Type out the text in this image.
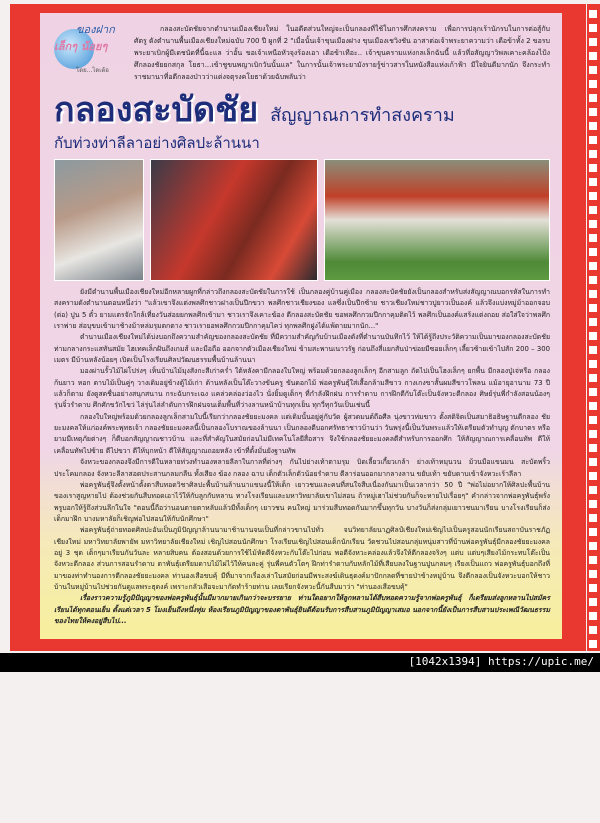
ของฝาก
เล็กๆ น้อยๆ
โดย...ไดเต้อ
กลองสะบัดชัยจากตำนานเมืองเชียงใหม่ ในอดีตส่วนใหญ่จะเป็นกลองที่ใช้ในการศึกสงคราม เพื่อการปลุกเร้านักรบในการต่อสู้กับศัตรู ดังตำนานพื้นเมืองเชียงใหม่ฉบับ 700 ปี ผูกที่ 2 "เมื่อนั้นเจ้าขุนเมืองฝาง ขุนเมืองเชวิงชัน อาสาต่อเจ้าพระยาความว่า เดือข้าทั้ง 2 ขอรบพระยาเบิกผู้มีเดชนัดที่นี้ฉะแล ว่าอั้น ขอเจ้าเหนือหัวจุงร้องเอา เดือข้าเทือะ.. เจ้าขุนครามแห่งกลเล็กฉันนี้ แล้วที่อสัญญาวิพลเคาะคล้องไป้งศึกลองชัยยกสกุล โยธา...เข้าชูขนพญาเบิกวันนั้นแล" ในการนั้นเจ้าพระยามังรายรู้ข่าวสารในหนังสือแห่งเก้าฟ้า มีใจยินดีมากนัก จึงกระทำราชมานาที่อตีกลองป่าวว่าแต่งจตุรงคโยธาด้วยฉับพลันว่า
กลองสะบัดชัย สัญญาณการทำสงคราม
กับท่วงท่าลีลาอย่างศิลปะล้านนา

ยังมีตำนานพื้นเมืองเชียงใหม่อีกหลายผูกที่กล่าวถึงกลองสะบัดชัยในการใช้ เป็นกลองคู่บ้านคู่เมือง กลองสะบัดชัยยังเป็นกลองสำหรับส่งสัญญาณบอกรหัสในการทำสงครามดังตำนานตอนหนึ่งว่า "แล้วเขาจึงแต่งพลศึกชาวฝางเป็นปีกขวา พลศึกชาวเชียงของ แลซึ่งเป็นปีกซ้าย ชาวเชียงใหม่ชาวปูยาวเป็นองค์ แล้วจึงแบ่งหมู่ม้าออกจอบ (ต่อ) ปูน 5 ตั๋ว ยามแตรจักใกล้เที่ยงวันส่อยยกพลศึกเข้ามา ชาวเราจึงเคาะฆ้อง ตีกลองสะบัดชัย ขอพลศึกกวมปีกกาคุมติดไว้ พลศึกเป็นองค์แสร้งแต่งถอย ส่อใส่ใจว่าพลศึกเราพ่าย ส่อบุขบเข้ามาช้างม้าหล่มรุมตกตาง ชาวเรายอพลศึกกวมปีกกาคุมไคว่ ทุกพลศึกฝูงได้แพ้ตายมากนัก..."

ตำนานเมืองเชียงใหม่ได้บ่งบอกถึงความสำคัญของกลองสะบัดชัย ที่มีความสำคัญกับบ้านเมืองดังที่ตำนานบันทึกไว้ ให้ได้รู้ถึงประวัติความเป็นมาของกลองสะบัดชัย ท่ามกลางกระแสทันสมัย ไฮเทคเล็กฝันถึงเกมส์ และมือถือ ออกจากตัวเมืองเชียงใหม่ ข้ามสะพานเนาวรัฐ ก่อนถึงสี่แยกสันป่าข่อยมีซอยเล็กๆ เลี้ยวซ้ายเข้าไปสัก 200 – 300 เมตร มีบ้านหลังน้อยๆ เปิดเป็นโรงเรียนศิลปวัฒนธรรมพื้นบ้านล้านนา

มองผ่านรั้วไม้ไผ่โปร่งๆ เห็นบ้านไม้มุงสังกะสีเก่าคร่ำ ใต้หลังคามีกลองใบใหญ่ พร้อมด้วยกลองลูกเล็กๆ อีกสามลูก ถัดไปเป็นโฮงเล็กๆ ยกพื้น มีกลองปู่เจ่หรือ กลองก้นยาว หอก ดาบไม้เป็นคู่ๆ วางเดิมอยู่ข้างตู้ไม้เก่า ด้านหลังเป็นโต๊ะวางขันครู ขันดอกไม้ พ่อครูพันธุ์ใส่เสื้อกล้ามสีขาว กางเกงขาสั้นผมสีขาวโพลน แม้อายุอานาม 73 ปีแล้วก็ตาม ยังดูสดชื่นอย่างสนุกสนาน กระฉับกระเฉง แคล่วคล่องว่องไว นั่งยิ้มดูเด็กๆ ที่กำลังฝึกฝน การรำดาบ การฝึกตีกับโต๊ะเป็นจังหวะตีกลอง ศิษย์รุ่นพี่กำลังสอนน้องๆ รุ่นจิ๋วรำดาบ ศึกศักขวักไขว่ ไล่รุ่นไล่ลำดับการฝึกฝนจนเต็มพื้นที่ว่างลานหน้าบ้านทุกเย็น ทุกวี่ทุกวันเป็นเช่นนี้

กลองใบใหญ่พร้อมด้วยกลองลูกเล็กสามใบนี้เรียกว่ากลองชัยยะมงคล แต่เดิมนั้นอยู่คู่กับวัด ผู้สวดมนต์ถือศีล นุ่งขาวห่มขาว ตั้งสติจิตเป็นสมาธิอธิษฐานตีกลอง ชัยยะมงคลให้แก่องค์พระพุทธเจ้า กลองชัยยะมงคลนี้เป็นกลองโบราณของล้านนา เป็นกลองตีบอกศรัทธาชาวบ้านว่า วันพรุ่งนี้เป็นวันพระแล้วให้เตรียมตัวทำบุญ ตักบาตร หรือยามมีเหตุภัยต่างๆ ก็ตีบอกสัญญาณชาวบ้าน และที่สำคัญในสมัยก่อนไม่มีเทคโนโลยีสื่อสาร จึงใช้กลองชัยยะมงคลตีสำหรับการออกศึก ให้สัญญาณการเคลื่อนทัพ ตีให้เคลื่อนทัพไปซ้าย ตีไปขวา ตีให้บุกหน้า ตีให้สัญญาณถอยหลัง เข้าที่ตั้งมั่นยังฐานทัพ

จังหวะของกลองจึงมีการตีในหลายท่วงทำนองหลายลีลาในกาลที่ต่างๆ กันไปย่างเท้าตามรุม บิดเลี้ยวเกี้ยวเกล้า ย่างเท้าหมุนวน ม้วนมือแขนมน สะบัดพริ้ว ประโคมกลอง จังหวะลีลาสอดประสานกลมกลืน ทั้งเสียง ฆ้อง กลอง ฉาบ เด็กตัวเล็กตัวน้อยรำดาบ ตีลาร่อนออกมากลางลาน ขยับเท้า ขยับดาบเข้าจังหวะเร้าลีลา

พ่อครูพันธุ์จึงตั้งหน้าตั้งตาสืบทอดวิชาศิลปะพื้นบ้านล้านนาแขนงนี้ให้เด็ก เยาวชนและคนที่สนใจสืบเนื่องกันมาเป็นเวลากว่า 50 ปี "พ่อไม่อยากให้ศิลปะพื้นบ้านของเราสูญหายไป ต้องช่วยกันสืบทอดเอาไว้ให้กับลูกกับหลาน ทางโรงเรียนและมหาวิทยาลัยเขาไม่สอน ถ้าหมู่เฮาไม่ช่วยกันก็จะหายไปเรื่อยๆ" คำกล่าวจากพ่อครูพันธุ์พรั่งพรูบอกให้รู้ถึงส่วนลึกในใจ "ตอนนี้ถือว่านอนตายตาหลับแล้วมีทั้งเด็กๆ เยาวชน คนใหญ่ มาร่วมสืบทอดกันมากขึ้นทุกวัน บางวันก็ส่งกลุ่มเยาวชนมาเรียน บางโรงเรียนก็ส่งเด็กมาฝึก บางมหาลัยก็เชิญพ่อไปสอนให้กับนักศึกษา"

พ่อครูพันธุ์ถ่ายทอดศิลปะอันเป็นภูมิปัญญาล้านนามาช้านานจนเป็นที่กล่าวขานไปทั่ว จนวิทยาลัยนาฏศิลป์เชียงใหม่เชิญไปเป็นครูสอนนักเรียนสถาบันราชภัฏเชียงใหม่ มหาวิทยาลัยพายัพ มหาวิทยาลัยเชียงใหม่ เชิญไปสอนนักศึกษา โรงเรียนเชิญไปสอนเด็กนักเรียน วัดชวนไปสอนกลุ่มหนุ่มสาวที่บ้านพ่อครูพันธุ์มีกลองชัยยะมงคลอยู่ 3 ชุด เด็กๆมาเรียนกันวันละ หลายสิบคน ต้องสอนด้วยการใช้ไม้หัดตีจังหวะกับโต๊ะไปก่อน พอตีจังหวะคล่องแล้วจึงให้ตีกลองจริงๆ แต่บ แต่บๆเสียงไม้กระทบโต๊ะเป็นจังหวะตีกลอง ส่วนการสอนรำดาบ ตาพันธุ์เตรียมดาบไม้ไผ่ไว้ให้คนละคู่ รุ่นพี่คนตัวโตๆ ฝึกท่ารำดาบกับหลักไม้ที่เสียบลงในฐานปูนกลมๆ เรียงเป็นแถว พ่อครูพันธุ์บอกถึงที่มาของท่าทำนองการตีกลองชัยยะมงคล ท่านองเสือขบคุ้ มีที่มาจากเรื่องเล่าในสมัยก่อนมีพระสงฆ์เดินธุดงค์มาปักกลดที่ชายป่าข้างหมู่บ้าน จึงตีกลองเป็นจังหวะบอกให้ชาวบ้านในหมู่บ้านไปช่วยกันดูแลพระธุดงค์ เพราะกลัวเสือจะมากัดทำร้ายท่าน เลยเรียกจังหวะนี้กันสืบมาว่า "ท่านองเสือขบคุ้"

เรื่องราวความรู้ภูมิปัญญาของพ่อครูพันธุ์นั้นมีมากมายเกินกว่าจะบรรยาย ท่านใดอยากให้ลูกหลานได้สืบทอดความรู้จากพ่อครูพันธุ์ ก็เตรียมส่งลูกหลานไปสมัครเรียนได้ทุกตอนเย็น ตั้งแต่เวลา 5 โมงเย็นถึงหนึ่งทุ่ม ห้องเรียนภูมิปัญญาของตาพันธุ์ยินดีต้อนรับการสืบสานภูมิปัญญาเสมอ นอกจากนี้ยังเป็นการสืบสานประเพณีวัฒนธรรมของไทยให้คงอยู่สืบไป...

[1042x1394] https://upic.me/
